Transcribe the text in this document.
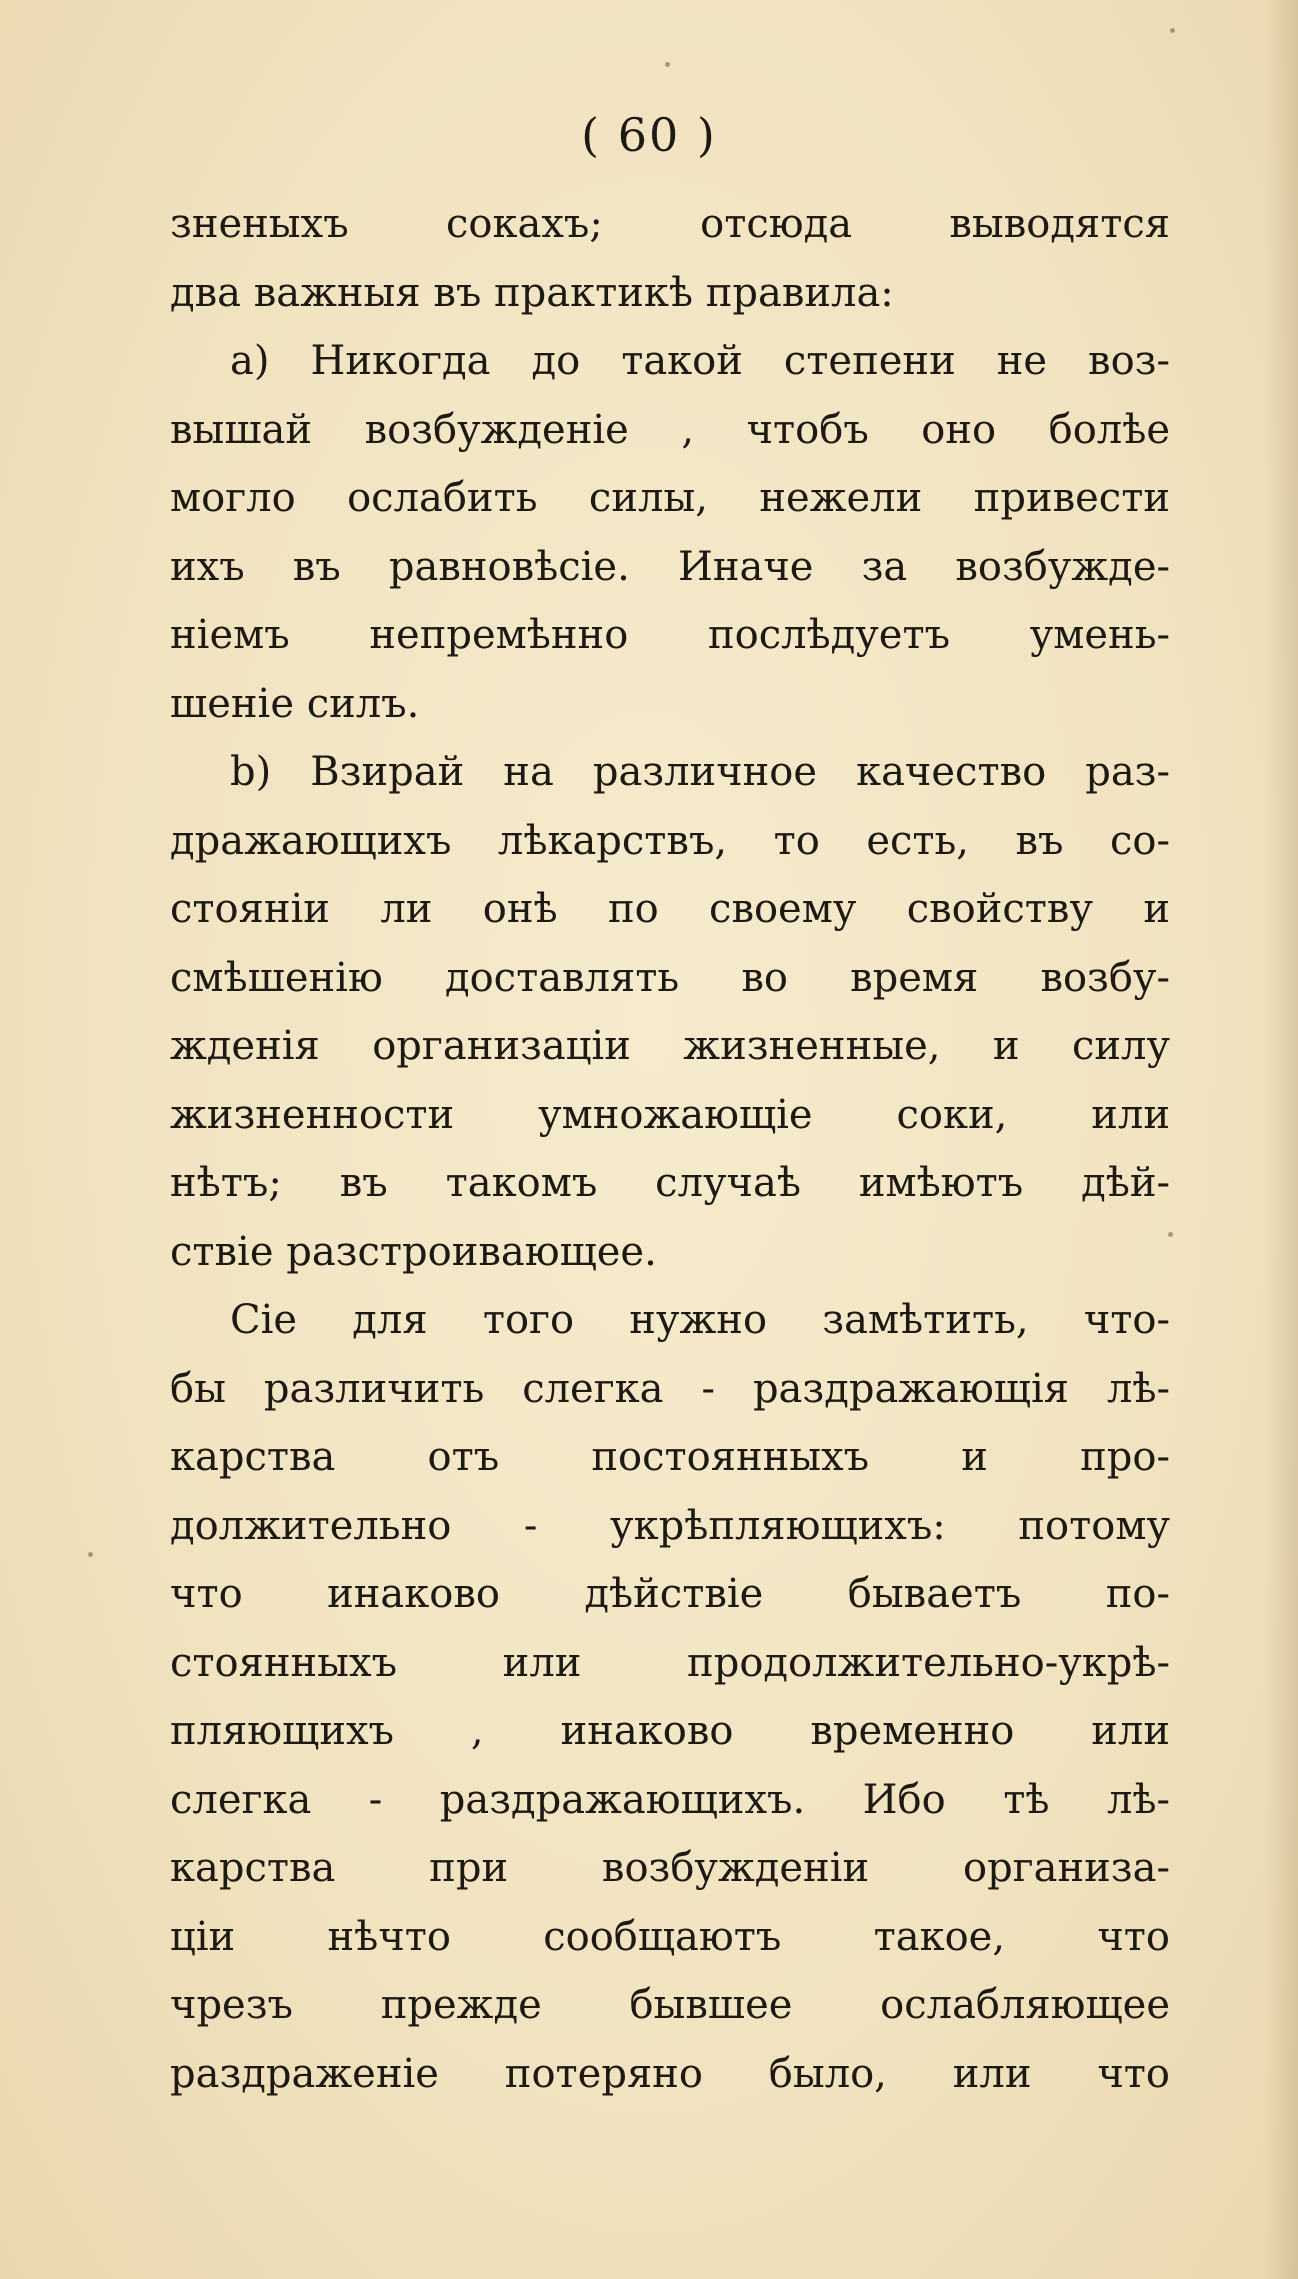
( 60 )
зненыхъ сокахъ; отсюда выводятся
два важныя въ практикѣ правила:
a) Никогда до такой степени не воз-
вышай возбужденіе , чтобъ оно болѣе
могло ослабить силы, нежели привести
ихъ въ равновѣсіе. Иначе за возбужде-
ніемъ непремѣнно послѣдуетъ умень-
шеніе силъ.
b) Взирай на различное качество раз-
дражающихъ лѣкарствъ, то есть, въ со-
стояніи ли онѣ по своему свойству и
смѣшенію доставлять во время возбу-
жденія организаціи жизненные, и силу
жизненности умножающіе соки, или
нѣтъ; въ такомъ случаѣ имѣютъ дѣй-
ствіе разстроивающее.
Сіе для того нужно замѣтить, что-
бы различить слегка - раздражающія лѣ-
карства отъ постоянныхъ и про-
должительно - укрѣпляющихъ: потому
что инаково дѣйствіе бываетъ по-
стоянныхъ или продолжительно-укрѣ-
пляющихъ , инаково временно или
слегка - раздражающихъ. Ибо тѣ лѣ-
карства при возбужденіи организа-
ціи нѣчто сообщаютъ такое, что
чрезъ прежде бывшее ослабляющее
раздраженіе потеряно было, или что
